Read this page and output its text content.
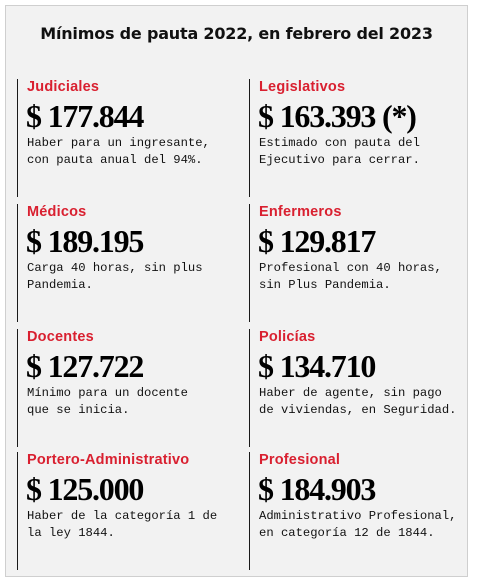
Mínimos de pauta 2022, en febrero del 2023
Judiciales
$ 177.844
Haber para un ingresante,
con pauta anual del 94%.
Legislativos
$ 163.393 (*)
Estimado con pauta del
Ejecutivo para cerrar.
Médicos
$ 189.195
Carga 40 horas, sin plus
Pandemia.
Enfermeros
$ 129.817
Profesional con 40 horas,
sin Plus Pandemia.
Docentes
$ 127.722
Mínimo para un docente
que se inicia.
Policías
$ 134.710
Haber de agente, sin pago
de viviendas, en Seguridad.
Portero-Administrativo
$ 125.000
Haber de la categoría 1 de
la ley 1844.
Profesional
$ 184.903
Administrativo Profesional,
en categoría 12 de 1844.
